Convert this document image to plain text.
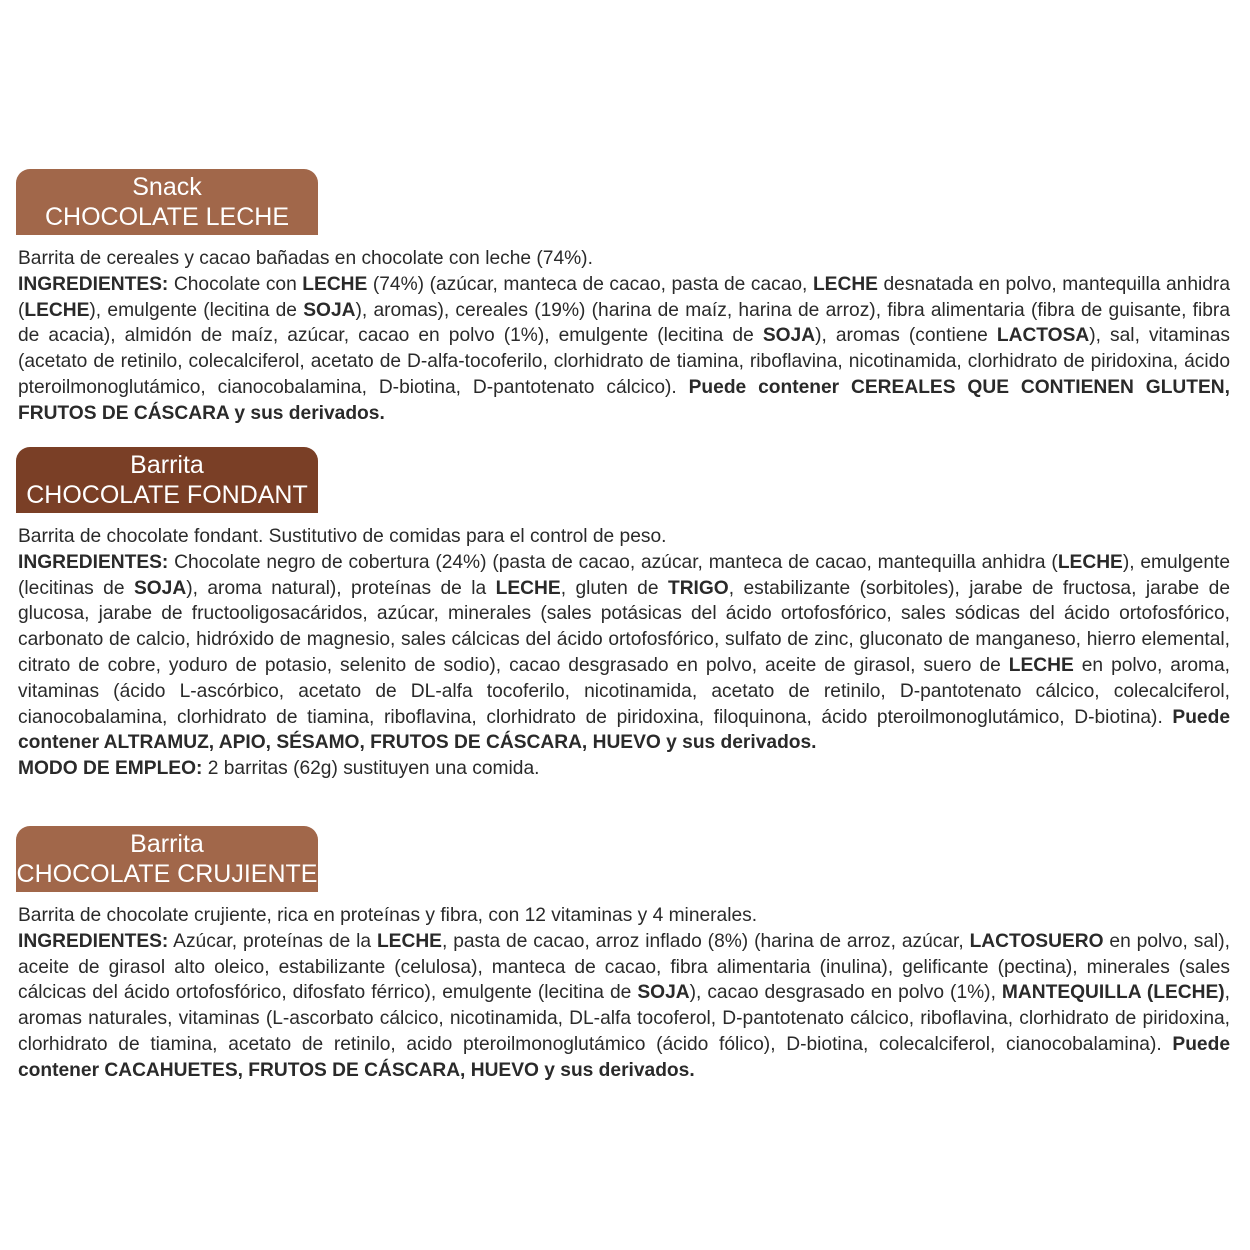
Snack
CHOCOLATE LECHE

Barrita de cereales y cacao bañadas en chocolate con leche (74%).

INGREDIENTES: Chocolate con LECHE (74%) (azúcar, manteca de cacao, pasta de cacao, LECHE desnatada en polvo, mantequilla anhidra (LECHE), emulgente (lecitina de SOJA), aromas), cereales (19%) (harina de maíz, harina de arroz), fibra alimentaria (fibra de guisante, fibra de acacia), almidón de maíz, azúcar, cacao en polvo (1%), emulgente (lecitina de SOJA), aromas (contiene LACTOSA), sal, vitaminas (acetato de retinilo, colecalciferol, acetato de D-alfa-tocoferilo, clorhidrato de tiamina, riboflavina, nicotinamida, clorhidrato de piridoxina, ácido pteroilmonoglutámico, cianocobalamina, D-biotina, D-pantotenato cálcico). Puede contener CEREALES QUE CONTIENEN GLUTEN, FRUTOS DE CÁSCARA y sus derivados.

Barrita
CHOCOLATE FONDANT

Barrita de chocolate fondant. Sustitutivo de comidas para el control de peso.

INGREDIENTES: Chocolate negro de cobertura (24%) (pasta de cacao, azúcar, manteca de cacao, mantequilla anhidra (LECHE), emulgente (lecitinas de SOJA), aroma natural), proteínas de la LECHE, gluten de TRIGO, estabilizante (sorbitoles), jarabe de fructosa, jarabe de glucosa, jarabe de fructooligosacáridos, azúcar, minerales (sales potásicas del ácido ortofosfórico, sales sódicas del ácido ortofosfórico, carbonato de calcio, hidróxido de magnesio, sales cálcicas del ácido ortofosfórico, sulfato de zinc, gluconato de manganeso, hierro elemental, citrato de cobre, yoduro de potasio, selenito de sodio), cacao desgrasado en polvo, aceite de girasol, suero de LECHE en polvo, aroma, vitaminas (ácido L-ascórbico, acetato de DL-alfa tocoferilo, nicotinamida, acetato de retinilo, D-pantotenato cálcico, colecalciferol, cianocobalamina, clorhidrato de tiamina, riboflavina, clorhidrato de piridoxina, filoquinona, ácido pteroilmonoglutámico, D-biotina). Puede contener ALTRAMUZ, APIO, SÉSAMO, FRUTOS DE CÁSCARA, HUEVO y sus derivados.

MODO DE EMPLEO: 2 barritas (62g) sustituyen una comida.

Barrita
CHOCOLATE CRUJIENTE

Barrita de chocolate crujiente, rica en proteínas y fibra, con 12 vitaminas y 4 minerales.

INGREDIENTES: Azúcar, proteínas de la LECHE, pasta de cacao, arroz inflado (8%) (harina de arroz, azúcar, LACTOSUERO en polvo, sal), aceite de girasol alto oleico, estabilizante (celulosa), manteca de cacao, fibra alimentaria (inulina), gelificante (pectina), minerales (sales cálcicas del ácido ortofosfórico, difosfato férrico), emulgente (lecitina de SOJA), cacao desgrasado en polvo (1%), MANTEQUILLA (LECHE), aromas naturales, vitaminas (L-ascorbato cálcico, nicotinamida, DL-alfa tocoferol, D-pantotenato cálcico, riboflavina, clorhidrato de piridoxina, clorhidrato de tiamina, acetato de retinilo, acido pteroilmonoglutámico (ácido fólico), D-biotina, colecalciferol, cianocobalamina). Puede contener CACAHUETES, FRUTOS DE CÁSCARA, HUEVO y sus derivados.
